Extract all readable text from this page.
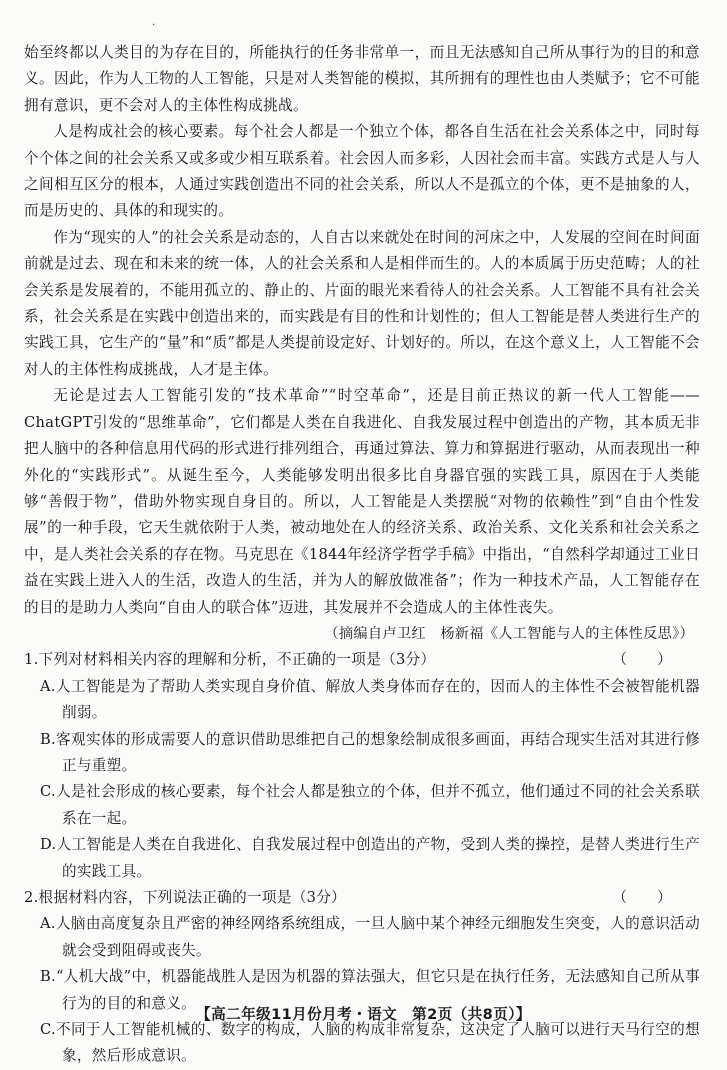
·

始至终都以人类目的为存在目的，所能执行的任务非常单一，而且无法感知自己所从事行为的目的和意义。因此，作为人工物的人工智能，只是对人类智能的模拟，其所拥有的理性也由人类赋予；它不可能拥有意识，更不会对人的主体性构成挑战。

人是构成社会的核心要素。每个社会人都是一个独立个体，都各自生活在社会关系体之中，同时每个个体之间的社会关系又或多或少相互联系着。社会因人而多彩，人因社会而丰富。实践方式是人与人之间相互区分的根本，人通过实践创造出不同的社会关系，所以人不是孤立的个体，更不是抽象的人，而是历史的、具体的和现实的。

作为“现实的人”的社会关系是动态的，人自古以来就处在时间的河床之中，人发展的空间在时间面前就是过去、现在和未来的统一体，人的社会关系和人是相伴而生的。人的本质属于历史范畴；人的社会关系是发展着的，不能用孤立的、静止的、片面的眼光来看待人的社会关系。人工智能不具有社会关系，社会关系是在实践中创造出来的，而实践是有目的性和计划性的；但人工智能是替人类进行生产的实践工具，它生产的“量”和“质”都是人类提前设定好、计划好的。所以，在这个意义上，人工智能不会对人的主体性构成挑战，人才是主体。

无论是过去人工智能引发的“技术革命”“时空革命”，还是目前正热议的新一代人工智能——ChatGPT引发的“思维革命”，它们都是人类在自我进化、自我发展过程中创造出的产物，其本质无非把人脑中的各种信息用代码的形式进行排列组合，再通过算法、算力和算据进行驱动，从而表现出一种外化的“实践形式”。从诞生至今，人类能够发明出很多比自身器官强的实践工具，原因在于人类能够“善假于物”，借助外物实现自身目的。所以，人工智能是人类摆脱“对物的依赖性”到“自由个性发展”的一种手段，它天生就依附于人类，被动地处在人的经济关系、政治关系、文化关系和社会关系之中，是人类社会关系的存在物。马克思在《1844年经济学哲学手稿》中指出，“自然科学却通过工业日益在实践上进入人的生活，改造人的生活，并为人的解放做准备”；作为一种技术产品，人工智能存在的目的是助力人类向“自由人的联合体”迈进，其发展并不会造成人的主体性丧失。

（摘编自卢卫红　杨新福《人工智能与人的主体性反思》）

1.下列对材料相关内容的理解和分析，不正确的一项是（3分）	（　　）

A.人工智能是为了帮助人类实现自身价值、解放人类身体而存在的，因而人的主体性不会被智能机器削弱。

B.客观实体的形成需要人的意识借助思维把自己的想象绘制成很多画面，再结合现实生活对其进行修正与重塑。

C.人是社会形成的核心要素，每个社会人都是独立的个体，但并不孤立，他们通过不同的社会关系联系在一起。

D.人工智能是人类在自我进化、自我发展过程中创造出的产物，受到人类的操控，是替人类进行生产的实践工具。

2.根据材料内容，下列说法正确的一项是（3分）	（　　）

A.人脑由高度复杂且严密的神经网络系统组成，一旦人脑中某个神经元细胞发生突变，人的意识活动就会受到阻碍或丧失。

B.“人机大战”中，机器能战胜人是因为机器的算法强大，但它只是在执行任务，无法感知自己所从事行为的目的和意义。

C.不同于人工智能机械的、数字的构成，人脑的构成非常复杂，这决定了人脑可以进行天马行空的想象，然后形成意识。

【高二年级11月份月考・语文　第2页（共8页）】
